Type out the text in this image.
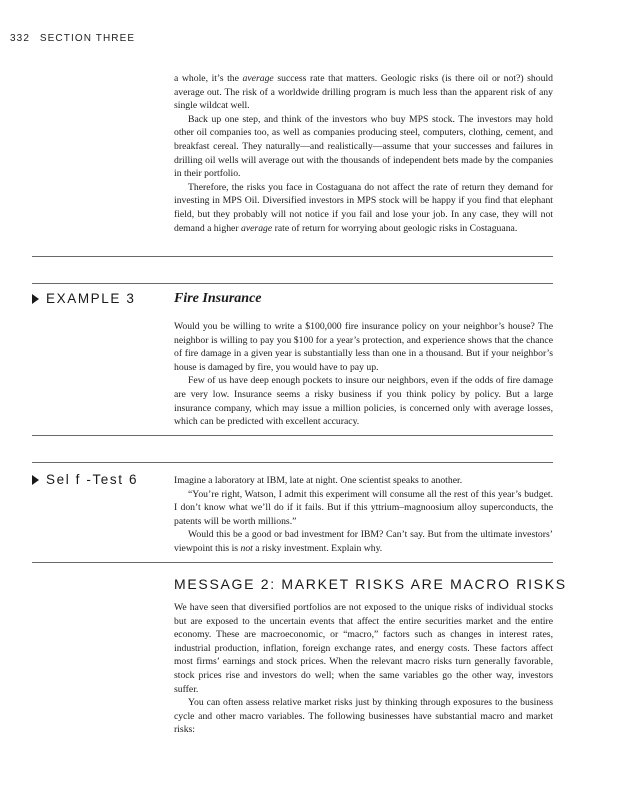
332 SECTION THREE

a whole, it’s the average success rate that matters. Geologic risks (is there oil or not?) should average out. The risk of a worldwide drilling program is much less than the apparent risk of any single wildcat well.

Back up one step, and think of the investors who buy MPS stock. The investors may hold other oil companies too, as well as companies producing steel, computers, clothing, cement, and breakfast cereal. They naturally—and realistically—assume that your successes and failures in drilling oil wells will average out with the thousands of independent bets made by the companies in their portfolio.

Therefore, the risks you face in Costaguana do not affect the rate of return they demand for investing in MPS Oil. Diversified investors in MPS stock will be happy if you find that elephant field, but they probably will not notice if you fail and lose your job. In any case, they will not demand a higher average rate of return for worrying about geologic risks in Costaguana.

EXAMPLE 3	Fire Insurance

Would you be willing to write a $100,000 fire insurance policy on your neighbor’s house? The neighbor is willing to pay you $100 for a year’s protection, and experience shows that the chance of fire damage in a given year is substantially less than one in a thousand. But if your neighbor’s house is damaged by fire, you would have to pay up.

Few of us have deep enough pockets to insure our neighbors, even if the odds of fire damage are very low. Insurance seems a risky business if you think policy by policy. But a large insurance company, which may issue a million policies, is concerned only with average losses, which can be predicted with excellent accuracy.

Sel f -Test 6	Imagine a laboratory at IBM, late at night. One scientist speaks to another.

“You’re right, Watson, I admit this experiment will consume all the rest of this year’s budget. I don’t know what we’ll do if it fails. But if this yttrium–magnoosium alloy superconducts, the patents will be worth millions.”

Would this be a good or bad investment for IBM? Can’t say. But from the ultimate investors’ viewpoint this is not a risky investment. Explain why.

MESSAGE 2: MARKET RISKS ARE MACRO RISKS

We have seen that diversified portfolios are not exposed to the unique risks of individual stocks but are exposed to the uncertain events that affect the entire securities market and the entire economy. These are macroeconomic, or “macro,” factors such as changes in interest rates, industrial production, inflation, foreign exchange rates, and energy costs. These factors affect most firms’ earnings and stock prices. When the relevant macro risks turn generally favorable, stock prices rise and investors do well; when the same variables go the other way, investors suffer.

You can often assess relative market risks just by thinking through exposures to the business cycle and other macro variables. The following businesses have substantial macro and market risks:
